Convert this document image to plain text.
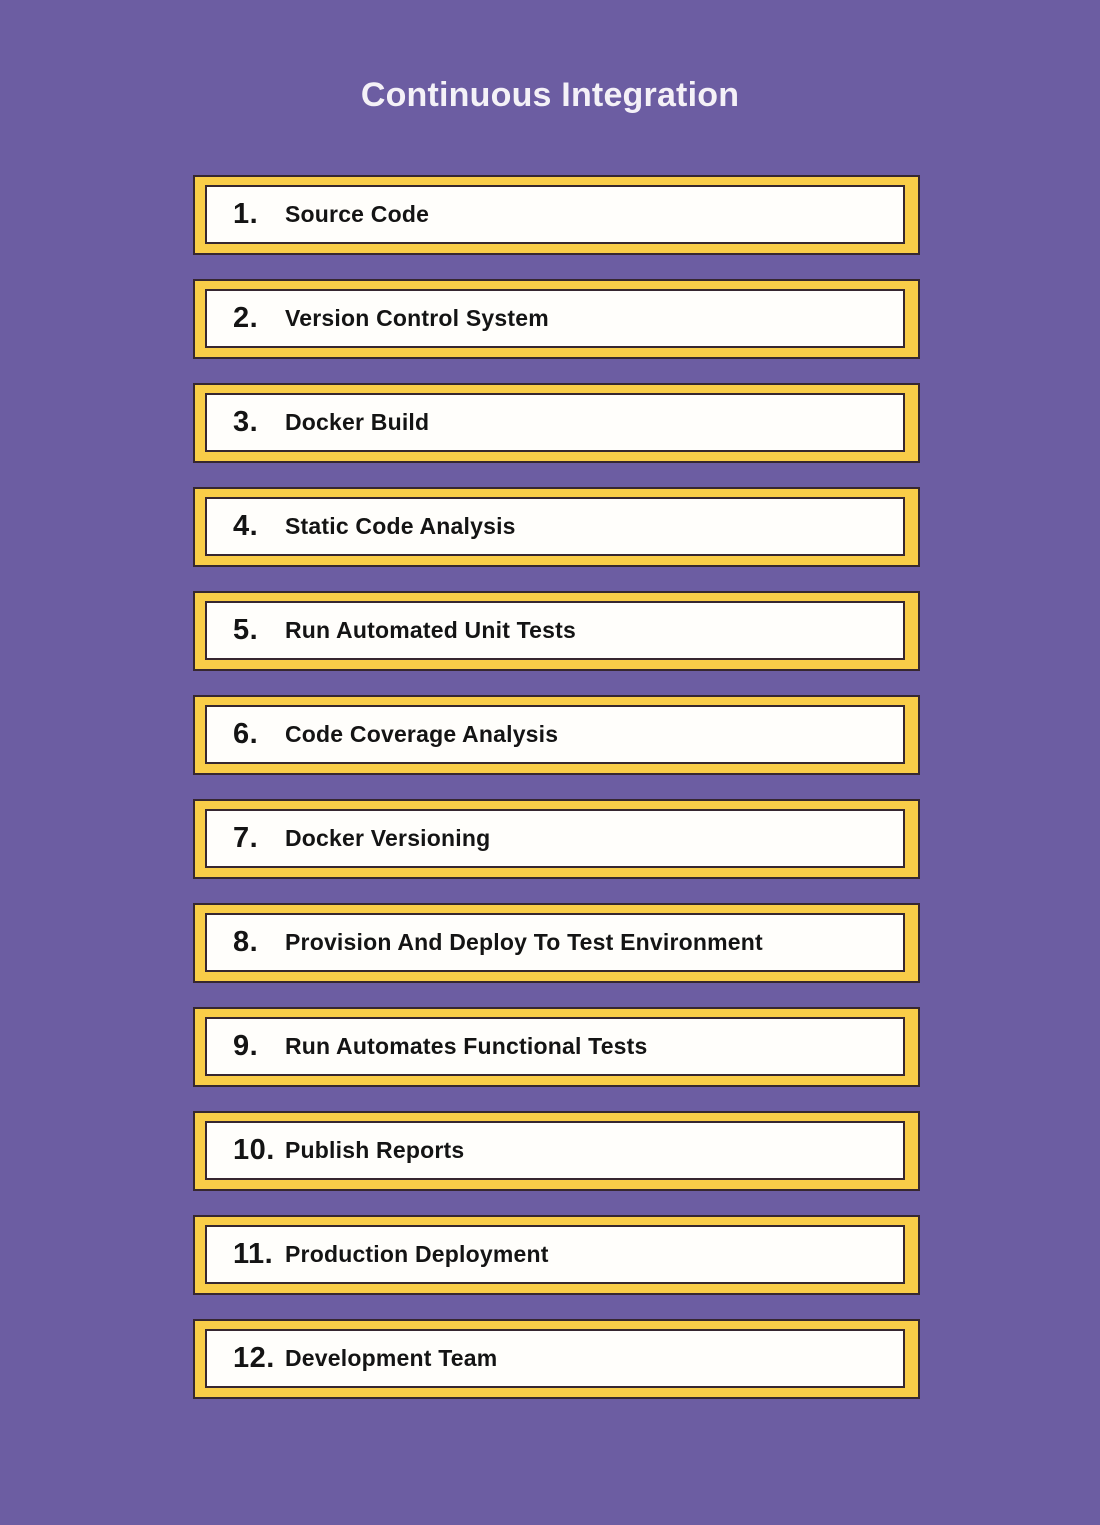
Continuous Integration
1.	Source Code
2.	Version Control System
3.	Docker Build
4.	Static Code Analysis
5.	Run Automated Unit Tests
6.	Code Coverage Analysis
7.	Docker Versioning
8.	Provision And Deploy To Test Environment
9.	Run Automates Functional Tests
10. Publish Reports
11. Production Deployment
12. Development Team
